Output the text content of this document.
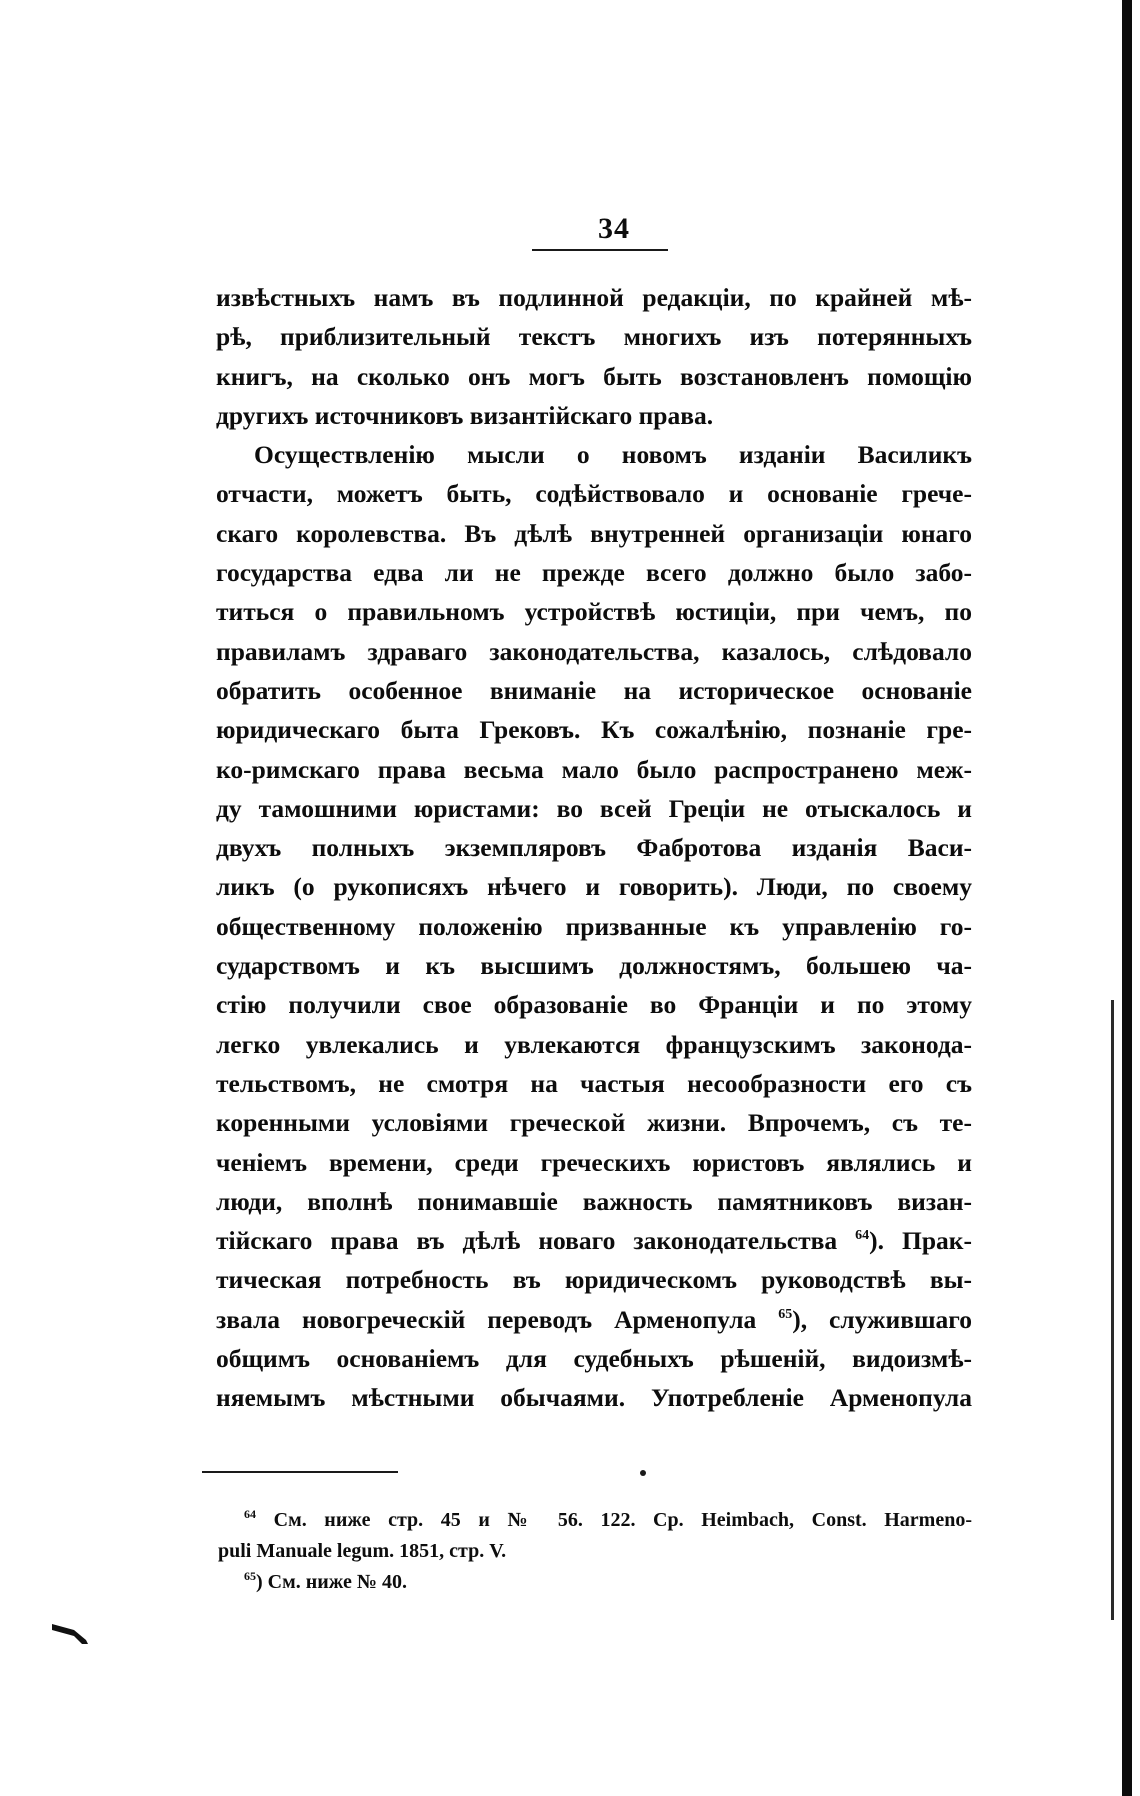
34
извѣстныхъ намъ въ подлинной редакціи, по крайней мѣ-
рѣ, приблизительный текстъ многихъ изъ потерянныхъ
книгъ, на сколько онъ могъ быть возстановленъ помощію
другихъ источниковъ византійскаго права.
Осуществленію мысли о новомъ изданіи Василикъ
отчасти, можетъ быть, содѣйствовало и основаніе грече-
скаго королевства. Въ дѣлѣ внутренней организаціи юнаго
государства едва ли не прежде всего должно было забо-
титься о правильномъ устройствѣ юстиціи, при чемъ, по
правиламъ здраваго законодательства, казалось, слѣдовало
обратить особенное вниманіе на историческое основаніе
юридическаго быта Грековъ. Къ сожалѣнію, познаніе гре-
ко-римскаго права весьма мало было распространено меж-
ду тамошними юристами: во всей Греціи не отыскалось и
двухъ полныхъ экземпляровъ Фабротова изданія Васи-
ликъ (о рукописяхъ нѣчего и говорить). Люди, по своему
общественному положенію призванные къ управленію го-
сударствомъ и къ высшимъ должностямъ, большею ча-
стію получили свое образованіе во Франціи и по этому
легко увлекались и увлекаются французскимъ законода-
тельствомъ, не смотря на частыя несообразности его съ
коренными условіями греческой жизни. Впрочемъ, съ те-
ченіемъ времени, среди греческихъ юристовъ являлись и
люди, вполнѣ понимавшіе важность памятниковъ визан-
тійскаго права въ дѣлѣ новаго законодательства $^{64}$). Прак-
тическая потребность въ юридическомъ руководствѣ вы-
звала новогреческій переводъ Арменопула $^{65}$), служившаго
общимъ основаніемъ для судебныхъ рѣшеній, видоизмѣ-
няемымъ мѣстными обычаями. Употребленіе Арменопула
$^{64}$ См. ниже стр. 45 и № 56. 122. Ср. Heimbach, Const. Harmeno-
puli Manuale legum. 1851, стр. V.
$^{65}$) См. ниже № 40.
